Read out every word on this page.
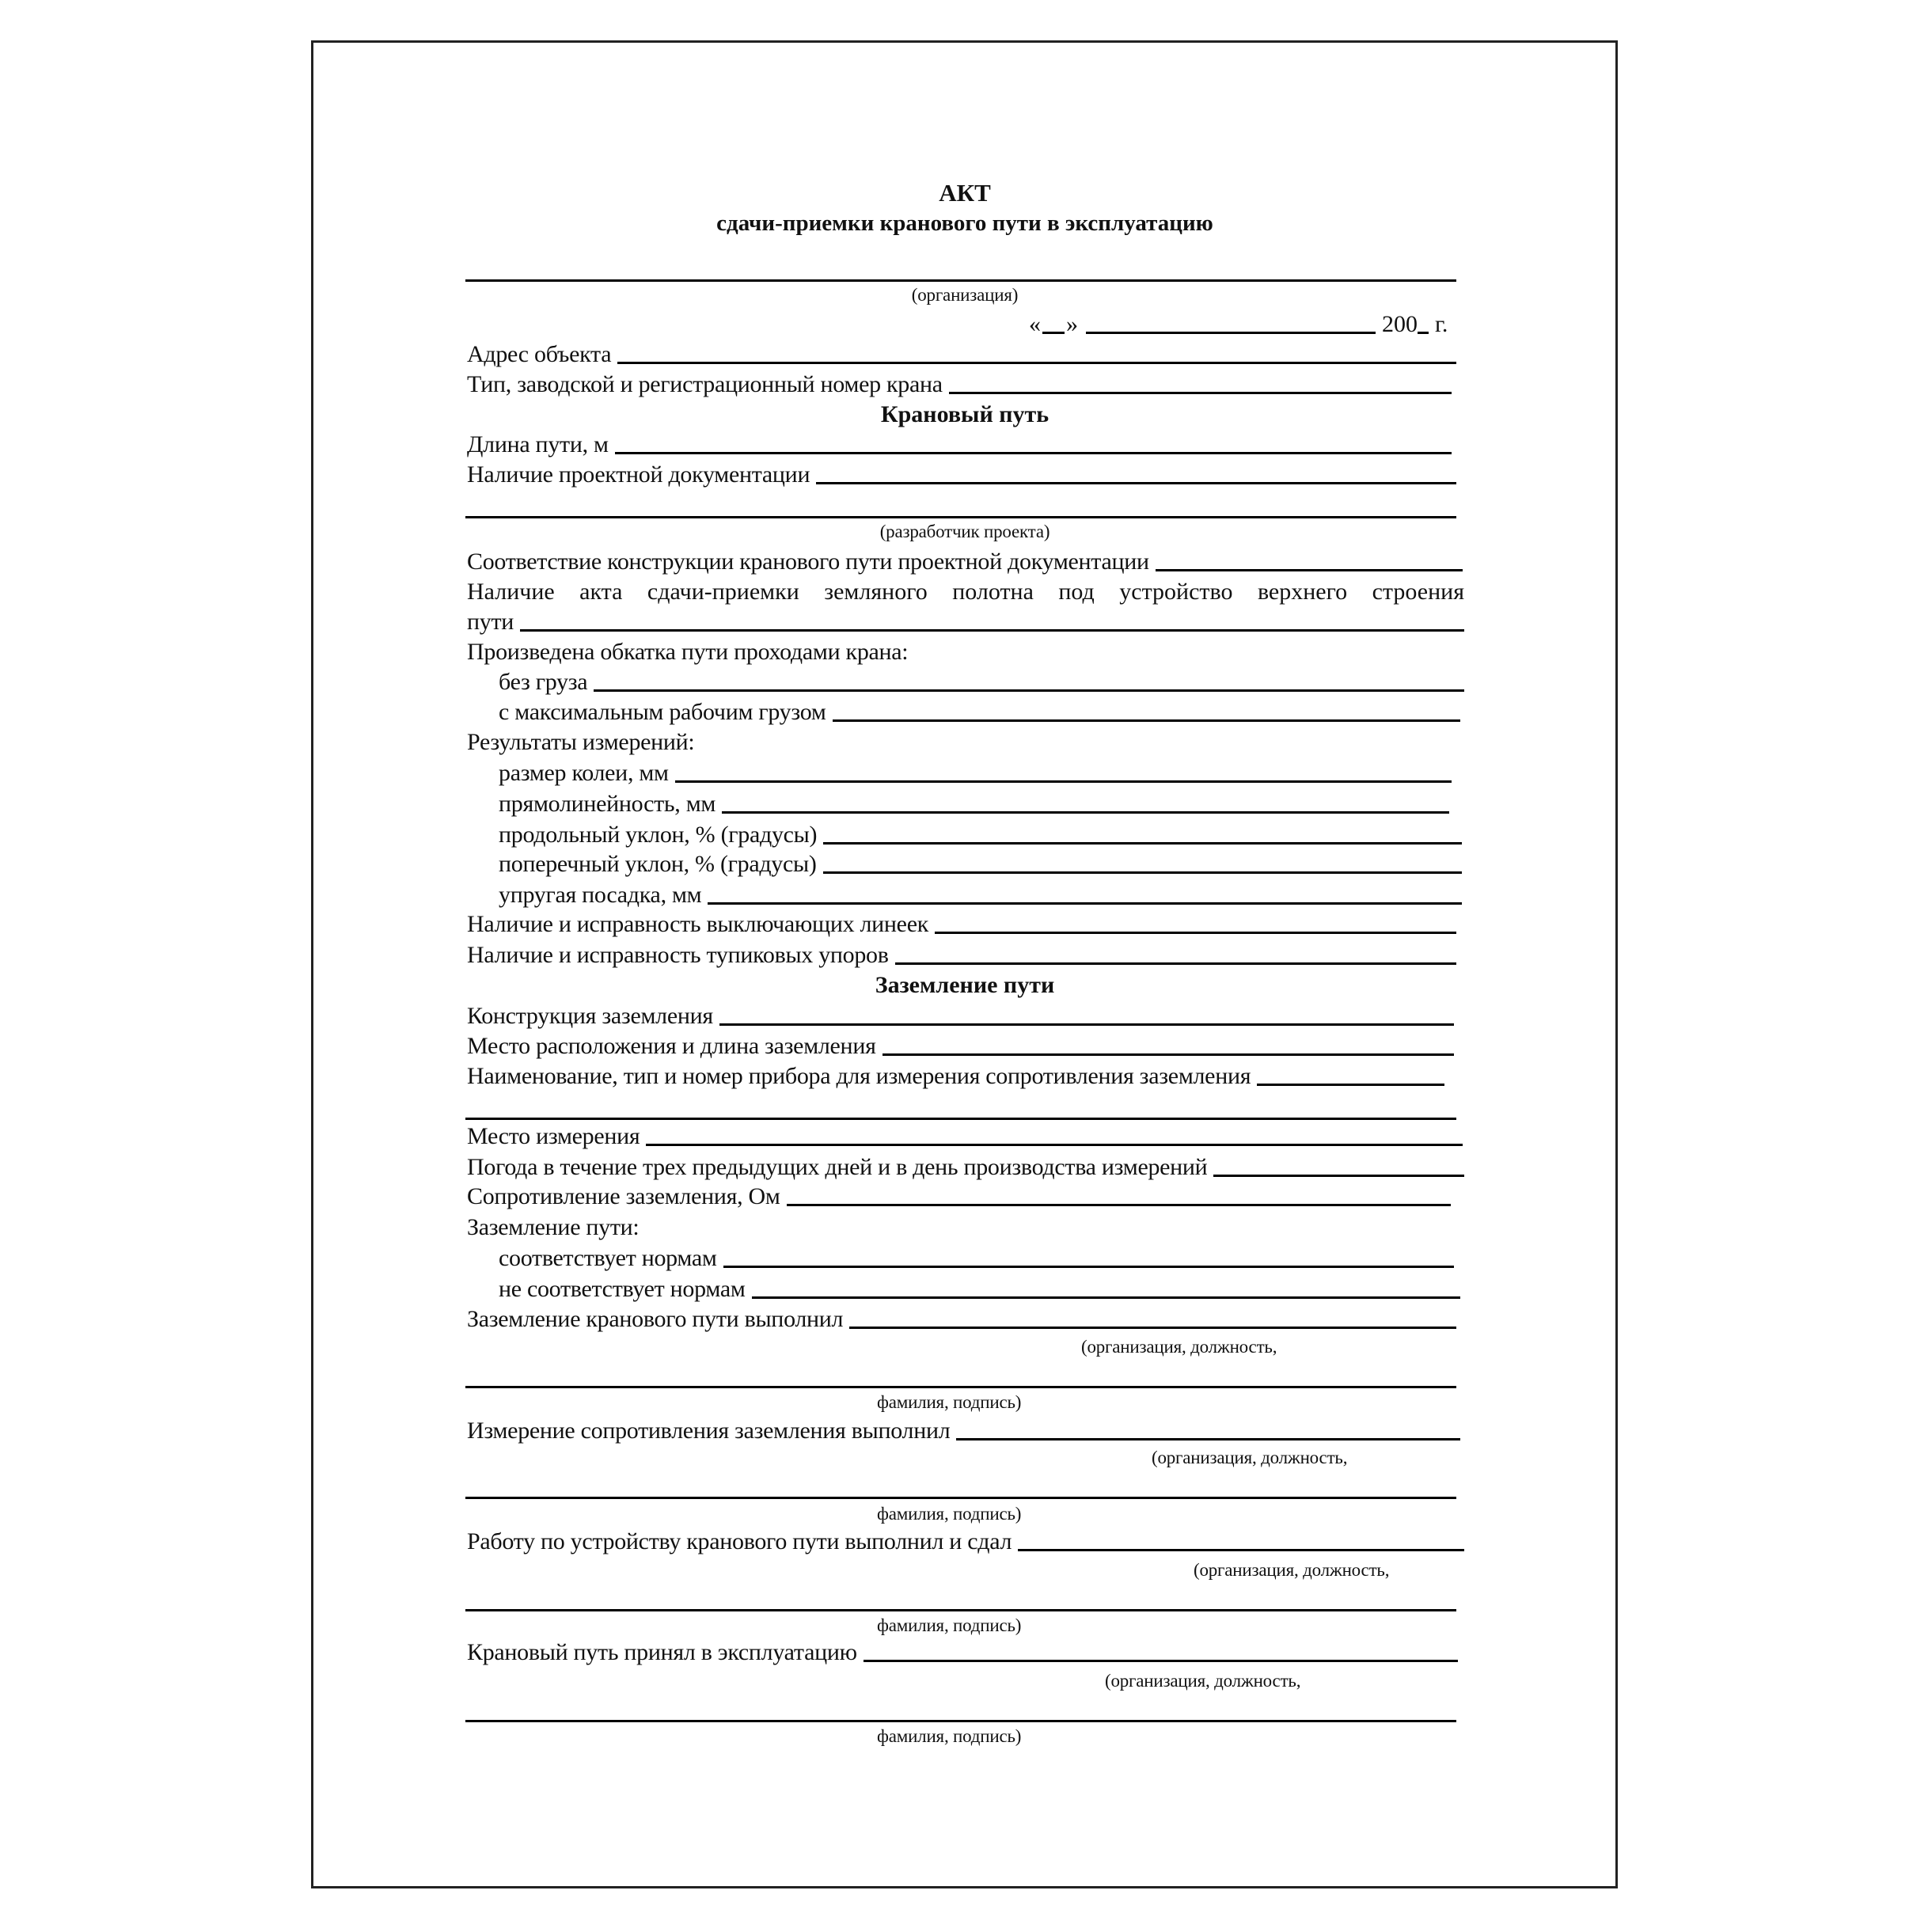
АКТ
сдачи-приемки кранового пути в эксплуатацию
(организация)
« »	200 г.
Адрес объекта
Тип, заводской и регистрационный номер крана
Крановый путь
Длина пути, м
Наличие проектной документации
(разработчик проекта)
Соответствие конструкции кранового пути проектной документации
Наличие акта сдачи-приемки земляного полотна под устройство верхнего строения
пути
Произведена обкатка пути проходами крана:
без груза
с максимальным рабочим грузом
Результаты измерений:
размер колеи, мм
прямолинейность, мм
продольный уклон, % (градусы)
поперечный уклон, % (градусы)
упругая посадка, мм
Наличие и исправность выключающих линеек
Наличие и исправность тупиковых упоров
Заземление пути
Конструкция заземления
Место расположения и длина заземления
Наименование, тип и номер прибора для измерения сопротивления заземления
Место измерения
Погода в течение трех предыдущих дней и в день производства измерений
Сопротивление заземления, Ом
Заземление пути:
соответствует нормам
не соответствует нормам
Заземление кранового пути выполнил
(организация, должность,
фамилия, подпись)
Измерение сопротивления заземления выполнил
(организация, должность,
фамилия, подпись)
Работу по устройству кранового пути выполнил и сдал
(организация, должность,
фамилия, подпись)
Крановый путь принял в эксплуатацию
(организация, должность,
фамилия, подпись)
